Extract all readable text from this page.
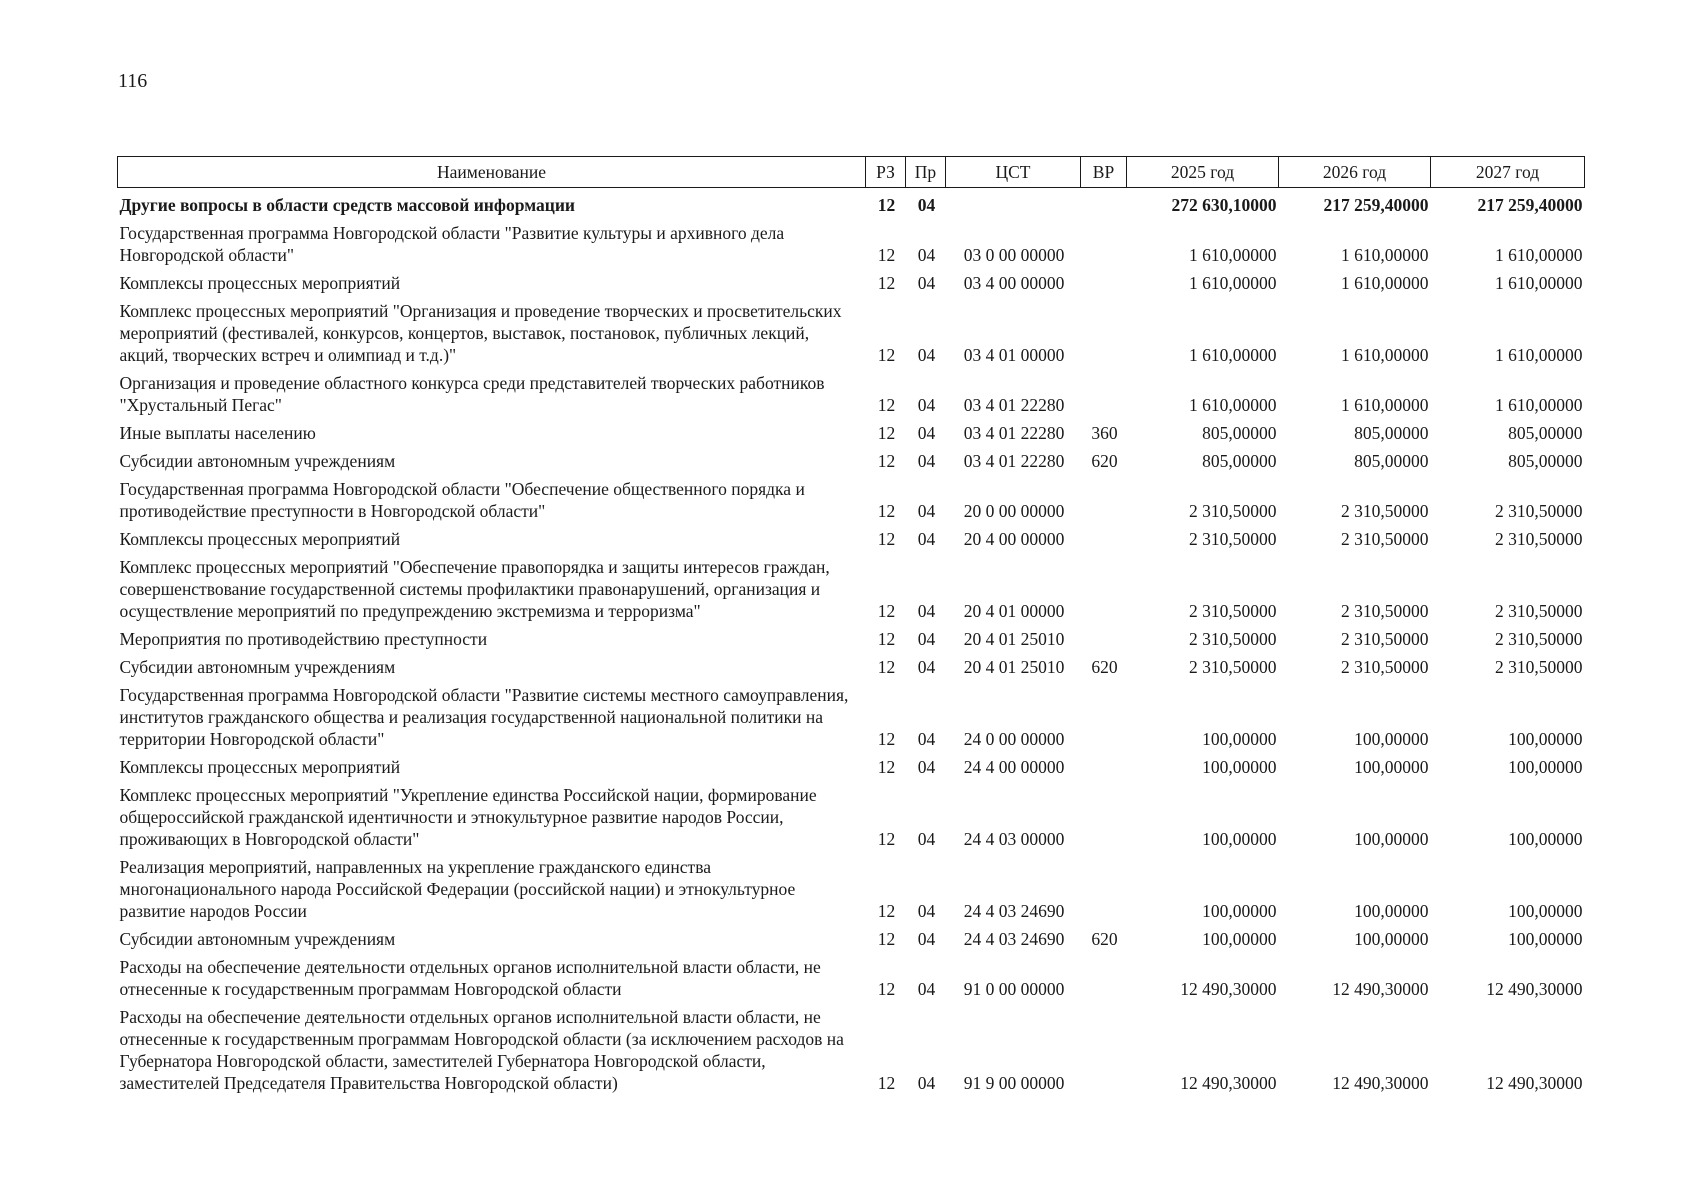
116
Наименование	РЗ	Пр	ЦСТ	ВР	2025 год	2026 год	2027 год
Другие вопросы в области средств массовой информации	12	04			272 630,10000	217 259,40000	217 259,40000
Государственная программа Новгородской области "Развитие культуры и архивного дела Новгородской области"	12	04	03 0 00 00000		1 610,00000	1 610,00000	1 610,00000
Комплексы процессных мероприятий	12	04	03 4 00 00000		1 610,00000	1 610,00000	1 610,00000
Комплекс процессных мероприятий "Организация и проведение творческих и просветительских мероприятий (фестивалей, конкурсов, концертов, выставок, постановок, публичных лекций, акций, творческих встреч и олимпиад и т.д.)"	12	04	03 4 01 00000		1 610,00000	1 610,00000	1 610,00000
Организация и проведение областного конкурса среди представителей творческих работников "Хрустальный Пегас"	12	04	03 4 01 22280		1 610,00000	1 610,00000	1 610,00000
Иные выплаты населению	12	04	03 4 01 22280	360	805,00000	805,00000	805,00000
Субсидии автономным учреждениям	12	04	03 4 01 22280	620	805,00000	805,00000	805,00000
Государственная программа Новгородской области "Обеспечение общественного порядка и противодействие преступности в Новгородской области"	12	04	20 0 00 00000		2 310,50000	2 310,50000	2 310,50000
Комплексы процессных мероприятий	12	04	20 4 00 00000		2 310,50000	2 310,50000	2 310,50000
Комплекс процессных мероприятий "Обеспечение правопорядка и защиты интересов граждан, совершенствование государственной системы профилактики правонарушений, организация и осуществление мероприятий по предупреждению экстремизма и терроризма"	12	04	20 4 01 00000		2 310,50000	2 310,50000	2 310,50000
Мероприятия по противодействию преступности	12	04	20 4 01 25010		2 310,50000	2 310,50000	2 310,50000
Субсидии автономным учреждениям	12	04	20 4 01 25010	620	2 310,50000	2 310,50000	2 310,50000
Государственная программа Новгородской области "Развитие системы местного самоуправления, институтов гражданского общества и реализация государственной национальной политики на территории Новгородской области"	12	04	24 0 00 00000		100,00000	100,00000	100,00000
Комплексы процессных мероприятий	12	04	24 4 00 00000		100,00000	100,00000	100,00000
Комплекс процессных мероприятий "Укрепление единства Российской нации, формирование общероссийской гражданской идентичности и этнокультурное развитие народов России, проживающих в Новгородской области"	12	04	24 4 03 00000		100,00000	100,00000	100,00000
Реализация мероприятий, направленных на укрепление гражданского единства многонационального народа Российской Федерации (российской нации) и этнокультурное развитие народов России	12	04	24 4 03 24690		100,00000	100,00000	100,00000
Субсидии автономным учреждениям	12	04	24 4 03 24690	620	100,00000	100,00000	100,00000
Расходы на обеспечение деятельности отдельных органов исполнительной власти области, не отнесенные к государственным программам Новгородской области	12	04	91 0 00 00000		12 490,30000	12 490,30000	12 490,30000
Расходы на обеспечение деятельности отдельных органов исполнительной власти области, не отнесенные к государственным программам Новгородской области (за исключением расходов на Губернатора Новгородской области, заместителей Губернатора Новгородской области, заместителей Председателя Правительства Новгородской области)	12	04	91 9 00 00000		12 490,30000	12 490,30000	12 490,30000
